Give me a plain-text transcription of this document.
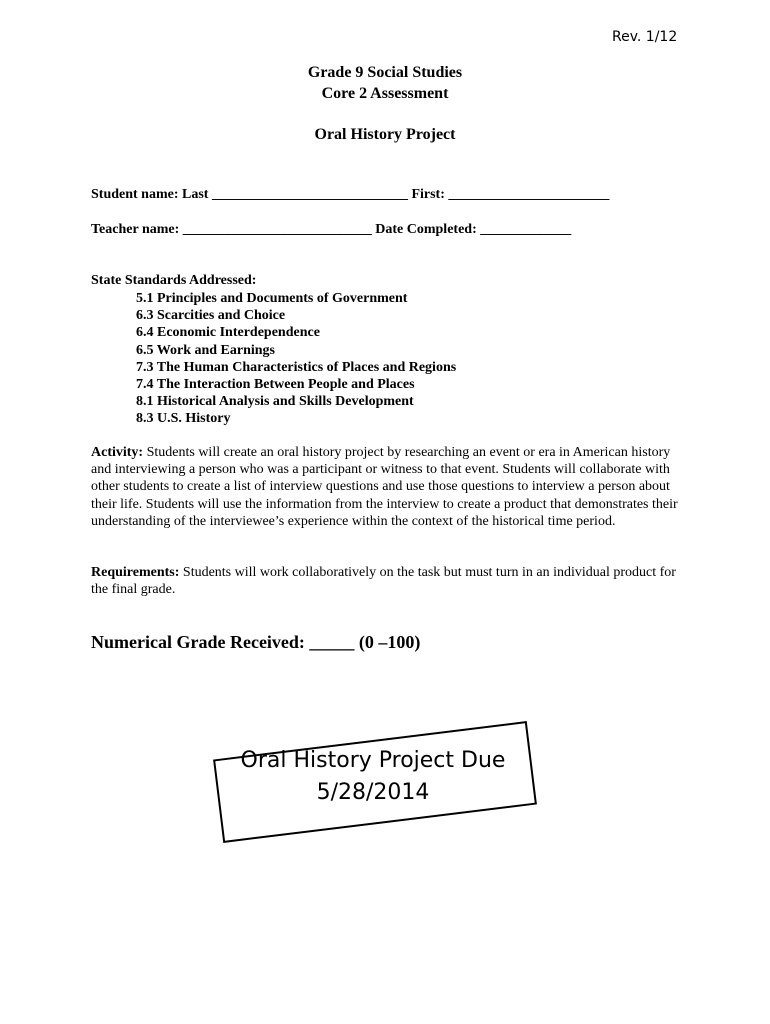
Rev. 1/12
Grade 9 Social Studies
Core 2 Assessment
Oral History Project
Student name: Last ____________________________ First: _______________________
Teacher name: ___________________________ Date Completed: _____________
State Standards Addressed:
5.1 Principles and Documents of Government
6.3 Scarcities and Choice
6.4 Economic Interdependence
6.5 Work and Earnings
7.3 The Human Characteristics of Places and Regions
7.4 The Interaction Between People and Places
8.1 Historical Analysis and Skills Development
8.3 U.S. History
Activity: Students will create an oral history project by researching an event or era in American history and interviewing a person who was a participant or witness to that event. Students will collaborate with other students to create a list of interview questions and use those questions to interview a person about their life. Students will use the information from the interview to create a product that demonstrates their understanding of the interviewee’s experience within the context of the historical time period.
Requirements: Students will work collaboratively on the task but must turn in an individual product for the final grade.
Numerical Grade Received: _____ (0 –100)
Oral History Project Due
5/28/2014
